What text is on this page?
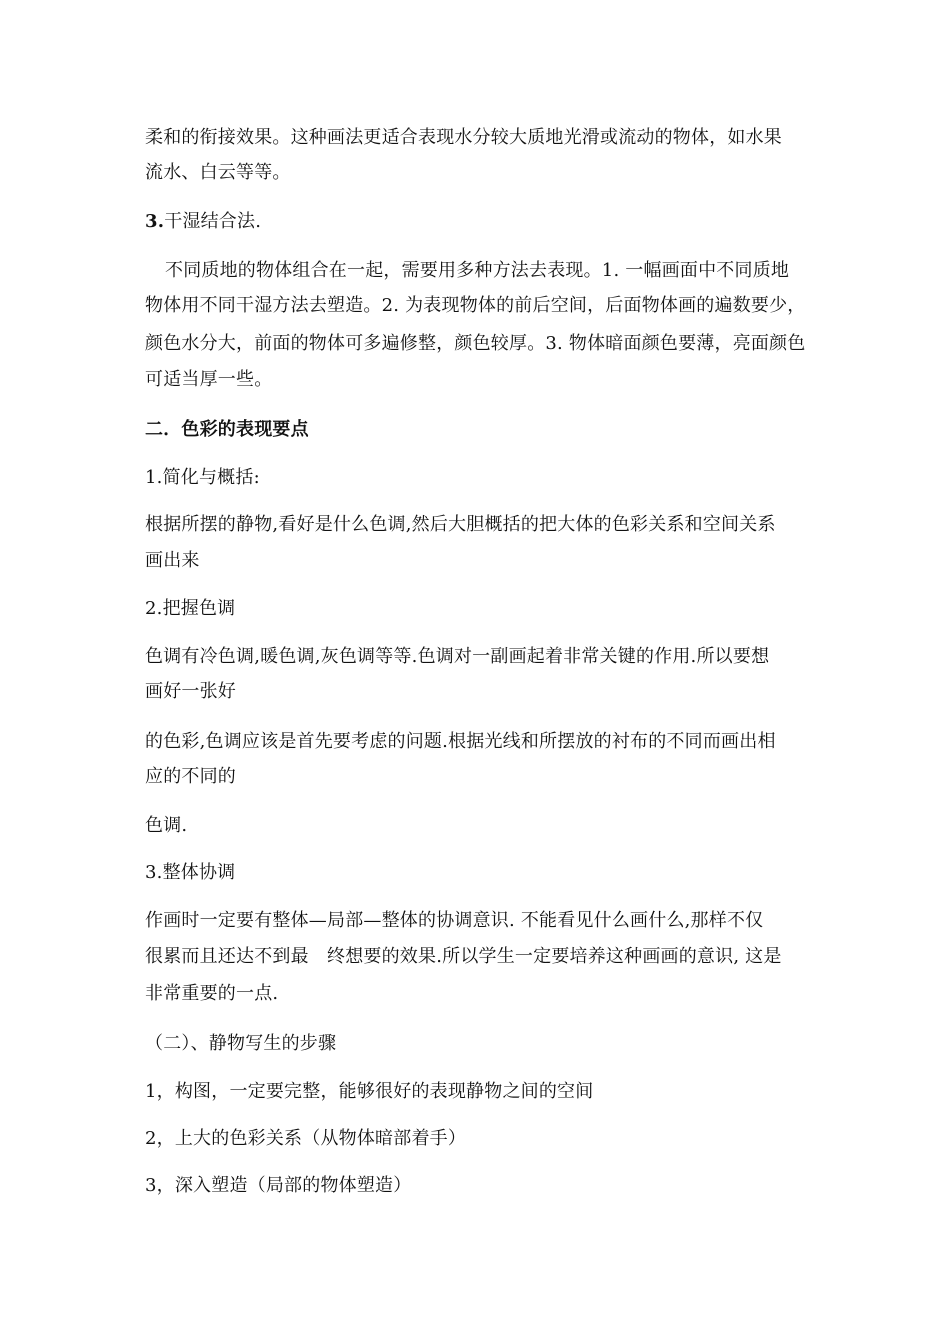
柔和的衔接效果。这种画法更适合表现水分较大质地光滑或流动的物体，如水果
流水、白云等等。
3.干湿结合法.
不同质地的物体组合在一起，需要用多种方法去表现。1. 一幅画面中不同质地
物体用不同干湿方法去塑造。2. 为表现物体的前后空间，后面物体画的遍数要少，
颜色水分大，前面的物体可多遍修整，颜色较厚。3. 物体暗面颜色要薄，亮面颜色
可适当厚一些。
二．色彩的表现要点
1.简化与概括:
根据所摆的静物,看好是什么色调,然后大胆概括的把大体的色彩关系和空间关系
画出来
2.把握色调
色调有冷色调,暖色调,灰色调等等.色调对一副画起着非常关键的作用.所以要想
画好一张好
的色彩,色调应该是首先要考虑的问题.根据光线和所摆放的衬布的不同而画出相
应的不同的
色调.
3.整体协调
作画时一定要有整体—局部—整体的协调意识. 不能看见什么画什么,那样不仅
很累而且还达不到最　终想要的效果.所以学生一定要培养这种画画的意识, 这是
非常重要的一点.
（二）、静物写生的步骤
1，构图，一定要完整，能够很好的表现静物之间的空间
2，上大的色彩关系（从物体暗部着手）
3，深入塑造（局部的物体塑造）
